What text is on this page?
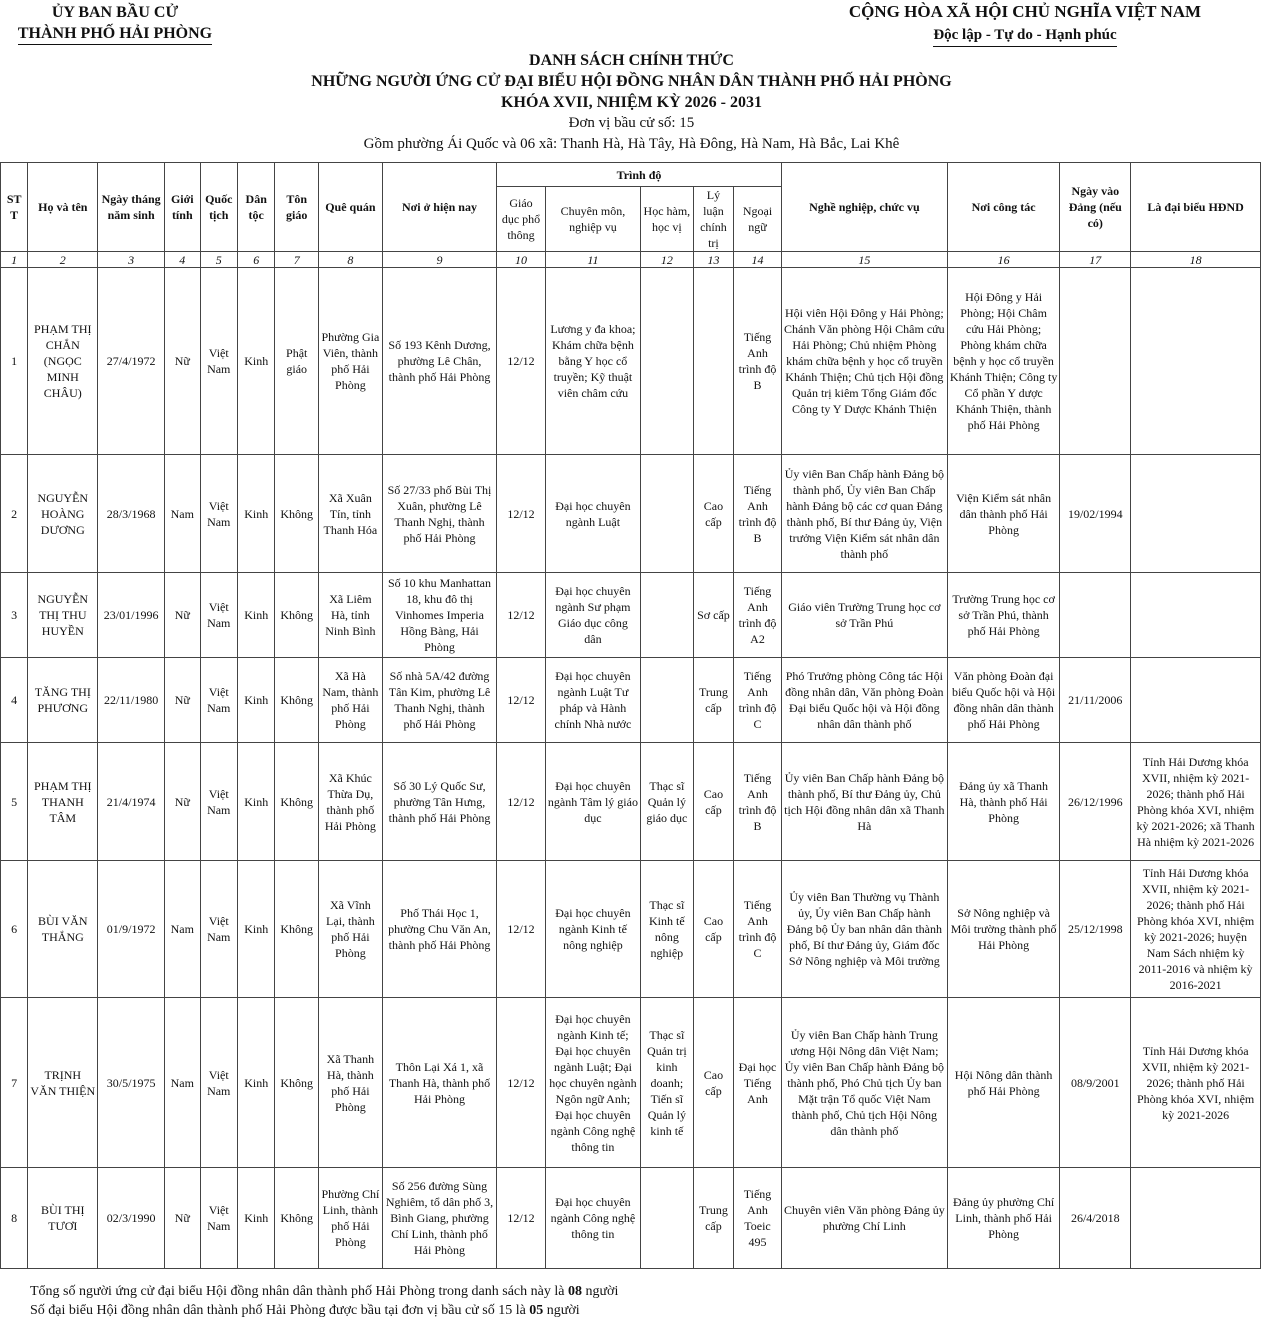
ỦY BAN BẦU CỬ
THÀNH PHỐ HẢI PHÒNG
CỘNG HÒA XÃ HỘI CHỦ NGHĨA VIỆT NAM
Độc lập - Tự do - Hạnh phúc
DANH SÁCH CHÍNH THỨC
NHỮNG NGƯỜI ỨNG CỬ ĐẠI BIỂU HỘI ĐỒNG NHÂN DÂN THÀNH PHỐ HẢI PHÒNG
KHÓA XVII, NHIỆM KỲ 2026 - 2031
Đơn vị bầu cử số: 15
Gồm phường Ái Quốc và 06 xã: Thanh Hà, Hà Tây, Hà Đông, Hà Nam, Hà Bắc, Lai Khê
ST T	Họ và tên	Ngày tháng năm sinh	Giới tính	Quốc tịch	Dân tộc	Tôn giáo	Quê quán	Nơi ở hiện nay	Trình độ					Nghề nghiệp, chức vụ	Nơi công tác	Ngày vào Đảng (nếu có)	Là đại biểu HĐND
									Giáo dục phổ thông	Chuyên môn, nghiệp vụ	Học hàm, học vị	Lý luận chính trị	Ngoại ngữ				
1	2	3	4	5	6	7	8	9	10	11	12	13	14	15	16	17	18
1	PHẠM THỊ CHẮN (NGỌC MINH CHÂU)	27/4/1972	Nữ	Việt Nam	Kinh	Phật giáo	Phường Gia Viên, thành phố Hải Phòng	Số 193 Kênh Dương, phường Lê Chân, thành phố Hải Phòng	12/12	Lương y đa khoa; Khám chữa bệnh bằng Y học cổ truyền; Kỹ thuật viên châm cứu			Tiếng Anh trình độ B	Hội viên Hội Đông y Hải Phòng; Chánh Văn phòng Hội Châm cứu Hải Phòng; Chủ nhiệm Phòng khám chữa bệnh y học cổ truyền Khánh Thiện; Chủ tịch Hội đồng Quản trị kiêm Tổng Giám đốc Công ty Y Dược Khánh Thiện	Hội Đông y Hải Phòng; Hội Châm cứu Hải Phòng; Phòng khám chữa bệnh y học cổ truyền Khánh Thiện; Công ty Cổ phần Y dược Khánh Thiện, thành phố Hải Phòng		
2	NGUYỄN HOÀNG DƯƠNG	28/3/1968	Nam	Việt Nam	Kinh	Không	Xã Xuân Tín, tỉnh Thanh Hóa	Số 27/33 phố Bùi Thị Xuân, phường Lê Thanh Nghị, thành phố Hải Phòng	12/12	Đại học chuyên ngành Luật		Cao cấp	Tiếng Anh trình độ B	Ủy viên Ban Chấp hành Đảng bộ thành phố, Ủy viên Ban Chấp hành Đảng bộ các cơ quan Đảng thành phố, Bí thư Đảng ủy, Viện trưởng Viện Kiểm sát nhân dân thành phố	Viện Kiểm sát nhân dân thành phố Hải Phòng	19/02/1994	
3	NGUYỄN THỊ THU HUYỀN	23/01/1996	Nữ	Việt Nam	Kinh	Không	Xã Liêm Hà, tỉnh Ninh Bình	Số 10 khu Manhattan 18, khu đô thị Vinhomes Imperia Hồng Bàng, Hải Phòng	12/12	Đại học chuyên ngành Sư phạm Giáo dục công dân		Sơ cấp	Tiếng Anh trình độ A2	Giáo viên Trường Trung học cơ sở Trần Phú	Trường Trung học cơ sở Trần Phú, thành phố Hải Phòng		
4	TĂNG THỊ PHƯƠNG	22/11/1980	Nữ	Việt Nam	Kinh	Không	Xã Hà Nam, thành phố Hải Phòng	Số nhà 5A/42 đường Tân Kim, phường Lê Thanh Nghị, thành phố Hải Phòng	12/12	Đại học chuyên ngành Luật Tư pháp và Hành chính Nhà nước		Trung cấp	Tiếng Anh trình độ C	Phó Trưởng phòng Công tác Hội đồng nhân dân, Văn phòng Đoàn Đại biểu Quốc hội và Hội đồng nhân dân thành phố	Văn phòng Đoàn đại biểu Quốc hội và Hội đồng nhân dân thành phố Hải Phòng	21/11/2006	
5	PHẠM THỊ THANH TÂM	21/4/1974	Nữ	Việt Nam	Kinh	Không	Xã Khúc Thừa Dụ, thành phố Hải Phòng	Số 30 Lý Quốc Sư, phường Tân Hưng, thành phố Hải Phòng	12/12	Đại học chuyên ngành Tâm lý giáo dục	Thạc sĩ Quản lý giáo dục	Cao cấp	Tiếng Anh trình độ B	Ủy viên Ban Chấp hành Đảng bộ thành phố, Bí thư Đảng ủy, Chủ tịch Hội đồng nhân dân xã Thanh Hà	Đảng ủy xã Thanh Hà, thành phố Hải Phòng	26/12/1996	Tỉnh Hải Dương khóa XVII, nhiệm kỳ 2021-2026; thành phố Hải Phòng khóa XVI, nhiệm kỳ 2021-2026; xã Thanh Hà nhiệm kỳ 2021-2026
6	BÙI VĂN THẮNG	01/9/1972	Nam	Việt Nam	Kinh	Không	Xã Vĩnh Lại, thành phố Hải Phòng	Phố Thái Học 1, phường Chu Văn An, thành phố Hải Phòng	12/12	Đại học chuyên ngành Kinh tế nông nghiệp	Thạc sĩ Kinh tế nông nghiệp	Cao cấp	Tiếng Anh trình độ C	Ủy viên Ban Thường vụ Thành ủy, Ủy viên Ban Chấp hành Đảng bộ Ủy ban nhân dân thành phố, Bí thư Đảng ủy, Giám đốc Sở Nông nghiệp và Môi trường	Sở Nông nghiệp và Môi trường thành phố Hải Phòng	25/12/1998	Tỉnh Hải Dương khóa XVII, nhiệm kỳ 2021-2026; thành phố Hải Phòng khóa XVI, nhiệm kỳ 2021-2026; huyện Nam Sách nhiệm kỳ 2011-2016 và nhiệm kỳ 2016-2021
7	TRỊNH VĂN THIỆN	30/5/1975	Nam	Việt Nam	Kinh	Không	Xã Thanh Hà, thành phố Hải Phòng	Thôn Lại Xá 1, xã Thanh Hà, thành phố Hải Phòng	12/12	Đại học chuyên ngành Kinh tế; Đại học chuyên ngành Luật; Đại học chuyên ngành Ngôn ngữ Anh; Đại học chuyên ngành Công nghệ thông tin	Thạc sĩ Quản trị kinh doanh; Tiến sĩ Quản lý kinh tế	Cao cấp	Đại học Tiếng Anh	Ủy viên Ban Chấp hành Trung ương Hội Nông dân Việt Nam; Ủy viên Ban Chấp hành Đảng bộ thành phố, Phó Chủ tịch Ủy ban Mặt trận Tổ quốc Việt Nam thành phố, Chủ tịch Hội Nông dân thành phố	Hội Nông dân thành phố Hải Phòng	08/9/2001	Tỉnh Hải Dương khóa XVII, nhiệm kỳ 2021-2026; thành phố Hải Phòng khóa XVI, nhiệm kỳ 2021-2026
8	BÙI THỊ TƯƠI	02/3/1990	Nữ	Việt Nam	Kinh	Không	Phường Chí Linh, thành phố Hải Phòng	Số 256 đường Sùng Nghiêm, tổ dân phố 3, Bình Giang, phường Chí Linh, thành phố Hải Phòng	12/12	Đại học chuyên ngành Công nghệ thông tin		Trung cấp	Tiếng Anh Toeic 495	Chuyên viên Văn phòng Đảng ủy phường Chí Linh	Đảng ủy phường Chí Linh, thành phố Hải Phòng	26/4/2018	
Tổng số người ứng cử đại biểu Hội đồng nhân dân thành phố Hải Phòng trong danh sách này là 08 người
Số đại biểu Hội đồng nhân dân thành phố Hải Phòng được bầu tại đơn vị bầu cử số 15 là 05 người
